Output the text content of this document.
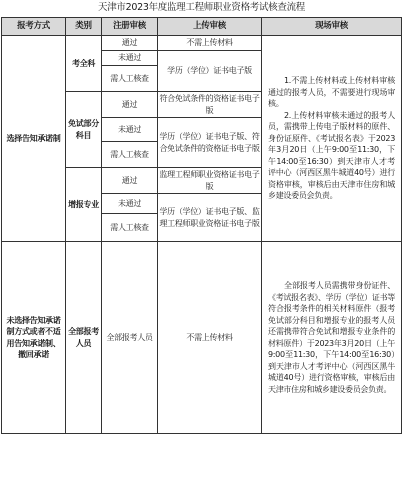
天津市2023年度监理工程师职业资格考试核查流程
报考方式	类别	注册审核	上传审核	现场审核
选择告知承诺制	考全科	通过	不需上传材料	1.不需上传材料或上传材料审核通过的报考人员，不需要进行现场审核。

2.上传材料审核未通过的报考人员，需携带上传电子版材料的原件、身份证原件、《考试报名表》于2023年3月20日（上午9:00至11:30，下午14:00至16:30）到天津市人才考评中心（河西区黑牛城道40号）进行资格审核，审核后由天津市住房和城乡建设委员会负责。

		未通过	学历（学位）证书电子版	
		需人工核查		
	免试部分科目	通过	符合免试条件的资格证书电子版	
		未通过	学历（学位）证书电子版、符合免试条件的资格证书电子版	
		需人工核查		
	增报专业	通过	监理工程师职业资格证书电子版	
		未通过	学历（学位）证书电子版、监理工程师职业资格证书电子版	
		需人工核查		
未选择告知承诺制方式或者不适用告知承诺制、撤回承诺	全部报考人员	全部报考人员	不需上传材料	全部报考人员需携带身份证件、《考试报名表》、学历（学位）证书等符合报考条件的相关材料原件（报考免试部分科目和增报专业的报考人员还需携带符合免试和增报专业条件的材料原件）于2023年3月20日（上午9:00至11:30，下午14:00至16:30）到天津市人才考评中心（河西区黑牛城道40号）进行资格审核，审核后由天津市住房和城乡建设委员会负责。
